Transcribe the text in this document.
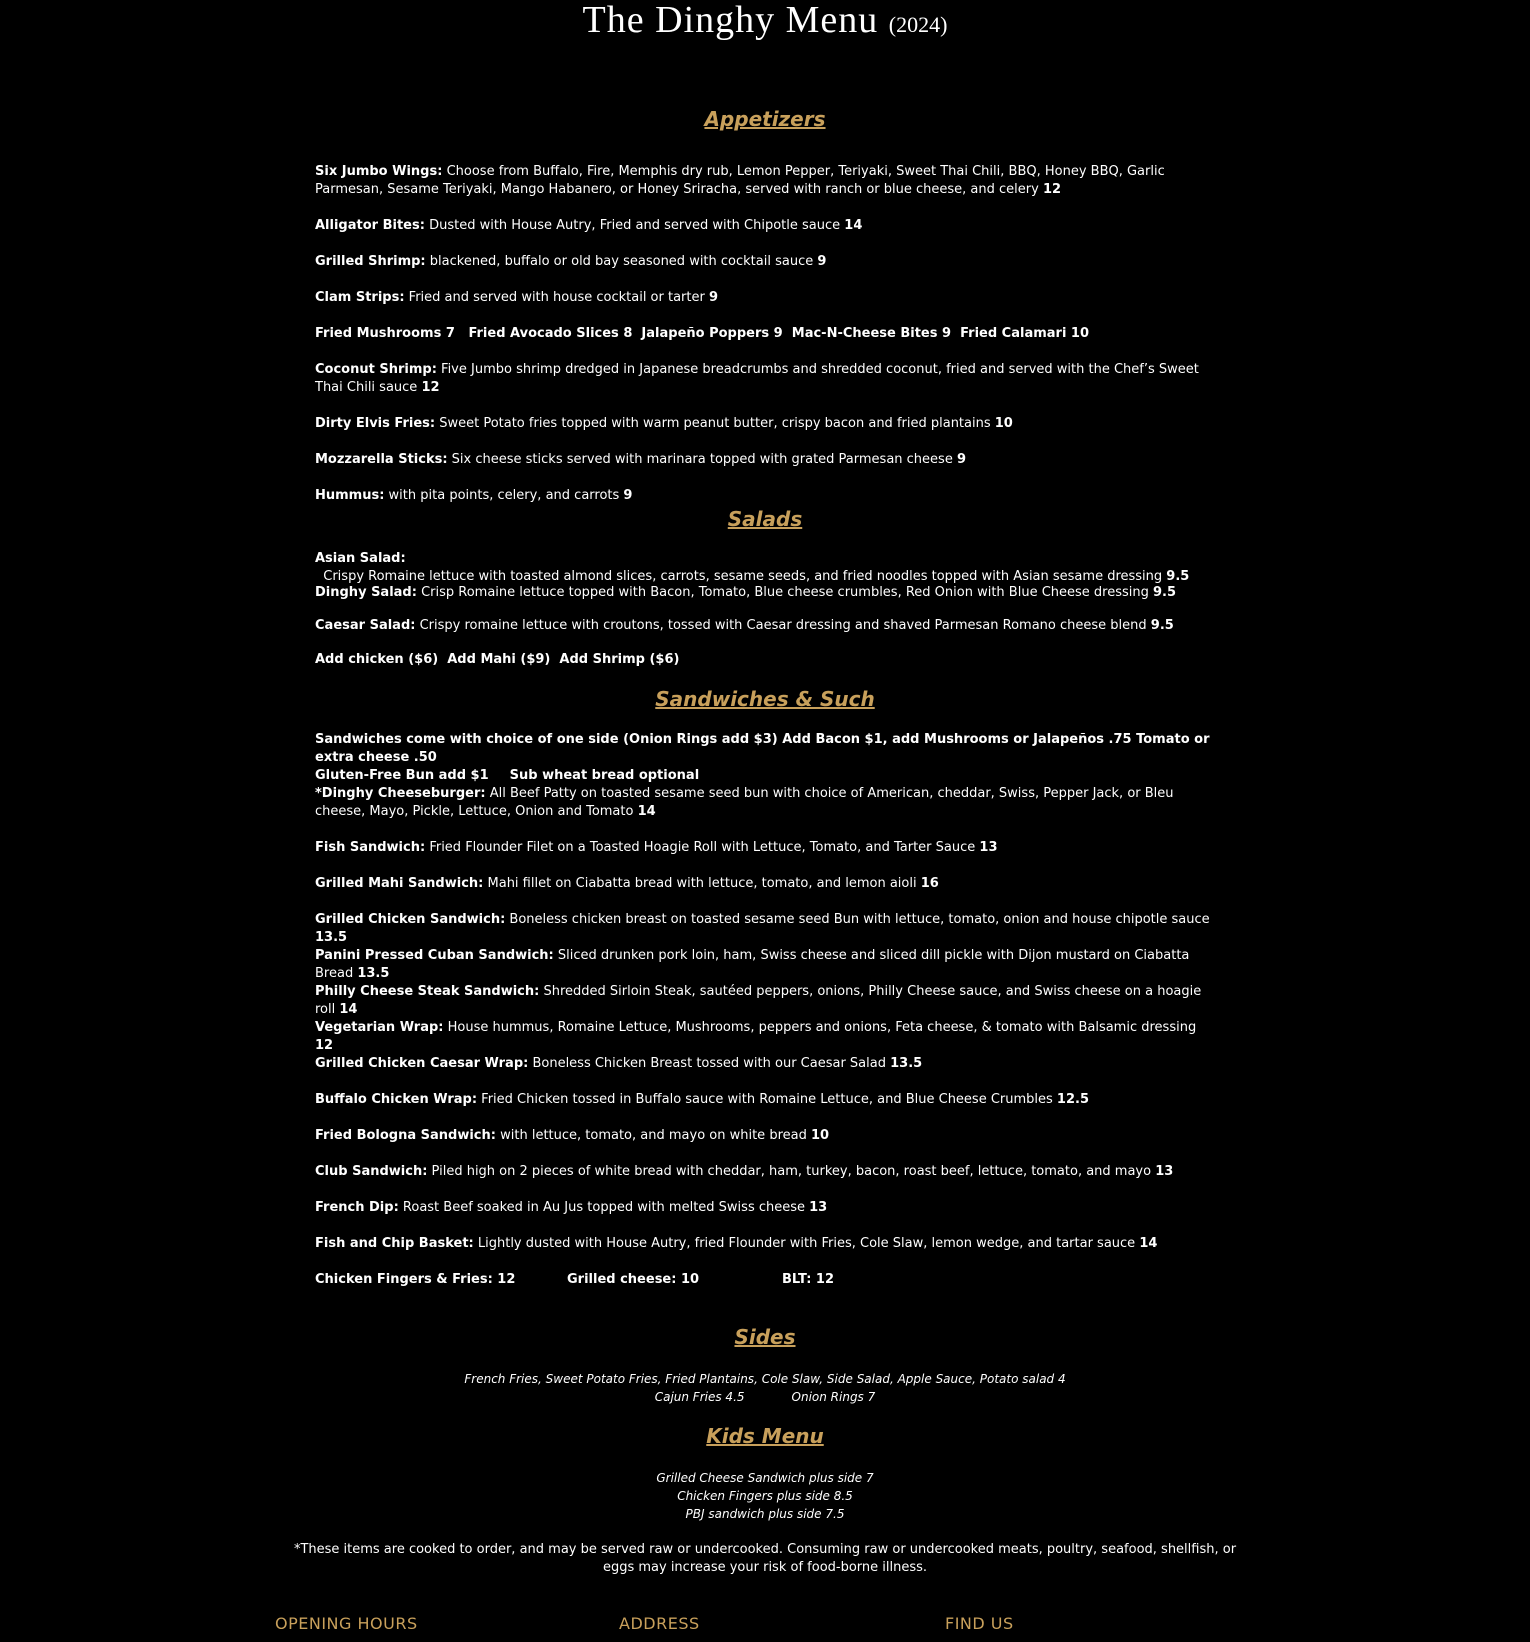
The Dinghy Menu (2024)
Appetizers
Six Jumbo Wings: Choose from Buffalo, Fire, Memphis dry rub, Lemon Pepper, Teriyaki, Sweet Thai Chili, BBQ, Honey BBQ, Garlic Parmesan, Sesame Teriyaki, Mango Habanero, or Honey Sriracha, served with ranch or blue cheese, and celery 12
Alligator Bites: Dusted with House Autry, Fried and served with Chipotle sauce 14
Grilled Shrimp: blackened, buffalo or old bay seasoned with cocktail sauce 9
Clam Strips: Fried and served with house cocktail or tarter 9
Fried Mushrooms 7   Fried Avocado Slices 8  Jalapeño Poppers 9  Mac-N-Cheese Bites 9  Fried Calamari 10
Coconut Shrimp: Five Jumbo shrimp dredged in Japanese breadcrumbs and shredded coconut, fried and served with the Chef’s Sweet Thai Chili sauce 12
Dirty Elvis Fries: Sweet Potato fries topped with warm peanut butter, crispy bacon and fried plantains 10
Mozzarella Sticks: Six cheese sticks served with marinara topped with grated Parmesan cheese 9
Hummus: with pita points, celery, and carrots 9
Salads
Asian Salad:  Crispy Romaine lettuce with toasted almond slices, carrots, sesame seeds, and fried noodles topped with Asian sesame dressing 9.5
Dinghy Salad: Crisp Romaine lettuce topped with Bacon, Tomato, Blue cheese crumbles, Red Onion with Blue Cheese dressing 9.5
Caesar Salad: Crispy romaine lettuce with croutons, tossed with Caesar dressing and shaved Parmesan Romano cheese blend 9.5
Add chicken ($6)  Add Mahi ($9)  Add Shrimp ($6)
Sandwiches & Such
Sandwiches come with choice of one side (Onion Rings add $3) Add Bacon $1, add Mushrooms or Jalapeños .75 Tomato or extra cheese .50
Gluten-Free Bun add $1 Sub wheat bread optional
*Dinghy Cheeseburger: All Beef Patty on toasted sesame seed bun with choice of American, cheddar, Swiss, Pepper Jack, or Bleu cheese, Mayo, Pickle, Lettuce, Onion and Tomato 14
Fish Sandwich: Fried Flounder Filet on a Toasted Hoagie Roll with Lettuce, Tomato, and Tarter Sauce 13
Grilled Mahi Sandwich: Mahi fillet on Ciabatta bread with lettuce, tomato, and lemon aioli 16
Grilled Chicken Sandwich: Boneless chicken breast on toasted sesame seed Bun with lettuce, tomato, onion and house chipotle sauce 13.5
Panini Pressed Cuban Sandwich: Sliced drunken pork loin, ham, Swiss cheese and sliced dill pickle with Dijon mustard on Ciabatta Bread 13.5
Philly Cheese Steak Sandwich: Shredded Sirloin Steak, sautéed peppers, onions, Philly Cheese sauce, and Swiss cheese on a hoagie roll 14
Vegetarian Wrap: House hummus, Romaine Lettuce, Mushrooms, peppers and onions, Feta cheese, & tomato with Balsamic dressing 12
Grilled Chicken Caesar Wrap: Boneless Chicken Breast tossed with our Caesar Salad 13.5
Buffalo Chicken Wrap: Fried Chicken tossed in Buffalo sauce with Romaine Lettuce, and Blue Cheese Crumbles 12.5
Fried Bologna Sandwich: with lettuce, tomato, and mayo on white bread 10
Club Sandwich: Piled high on 2 pieces of white bread with cheddar, ham, turkey, bacon, roast beef, lettuce, tomato, and mayo 13
French Dip: Roast Beef soaked in Au Jus topped with melted Swiss cheese 13
Fish and Chip Basket: Lightly dusted with House Autry, fried Flounder with Fries, Cole Slaw, lemon wedge, and tartar sauce 14
Chicken Fingers & Fries: 12	Grilled cheese: 10	BLT: 12
Sides
French Fries, Sweet Potato Fries, Fried Plantains, Cole Slaw, Side Salad, Apple Sauce, Potato salad 4
Cajun Fries 4.5	Onion Rings 7
Kids Menu
Grilled Cheese Sandwich plus side 7
Chicken Fingers plus side 8.5
PBJ sandwich plus side 7.5
*These items are cooked to order, and may be served raw or undercooked. Consuming raw or undercooked meats, poultry, seafood, shellfish, or
eggs may increase your risk of food-borne illness.
OPENING HOURS	ADDRESS	FIND US
